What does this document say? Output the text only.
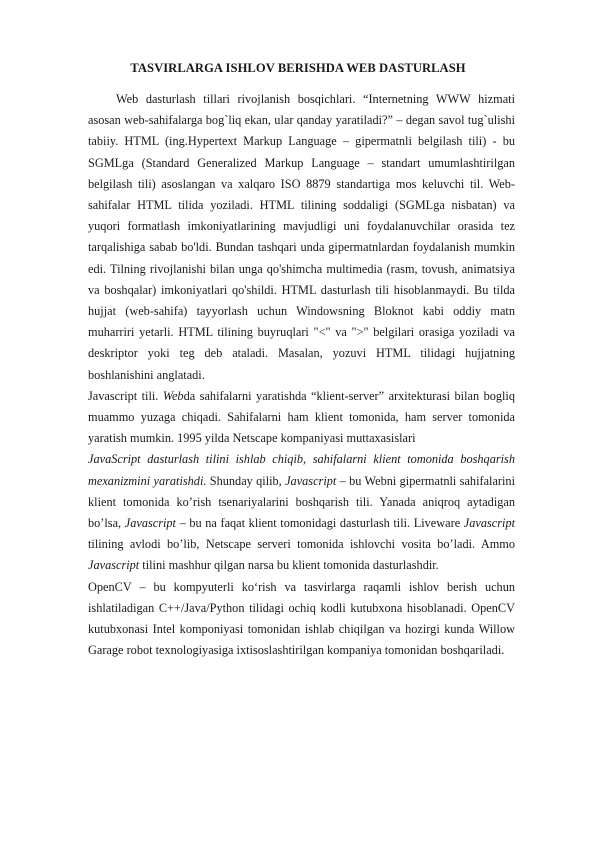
TASVIRLARGA ISHLOV BERISHDA WEB DASTURLASH

Web dasturlash tillari rivojlanish bosqichlari. “Internetning WWW hizmati asosan web-sahifalarga bog`liq ekan, ular qanday yaratiladi?” – degan savol tug`ulishi tabiiy. HTML (ing.Hypertext Markup Language – gipermatnli belgilash tili) - bu SGMLga (Standard Generalized Markup Language – standart umumlashtirilgan belgilash tili) asoslangan va xalqaro ISO 8879 standartiga mos keluvchi til. Web-sahifalar HTML tilida yoziladi. HTML tilining soddaligi (SGMLga nisbatan) va yuqori formatlash imkoniyatlarining mavjudligi uni foydalanuvchilar orasida tez tarqalishiga sabab bo'ldi. Bundan tashqari unda gipermatnlardan foydalanish mumkin edi. Tilning rivojlanishi bilan unga qo'shimcha multimedia (rasm, tovush, animatsiya va boshqalar) imkoniyatlari qo'shildi. HTML dasturlash tili hisoblanmaydi. Bu tilda hujjat (web-sahifa) tayyorlash uchun Windowsning Bloknot kabi oddiy matn muharriri yetarli. HTML tilining buyruqlari "<" va ">" belgilari orasiga yoziladi va deskriptor yoki teg deb ataladi. Masalan, yozuvi HTML tilidagi hujjatning boshlanishini anglatadi.

Javascript tili. Webda sahifalarni yaratishda “klient-server” arxitekturasi bilan bogliq muammo yuzaga chiqadi. Sahifalarni ham klient tomonida, ham server tomonida yaratish mumkin. 1995 yilda Netscape kompaniyasi muttaxasislari

JavaScript dasturlash tilini ishlab chiqib, sahifalarni klient tomonida boshqarish mexanizmini yaratishdi. Shunday qilib, Javascript – bu Webni gipermatnli sahifalarini klient tomonida ko’rish tsenariyalarini boshqarish tili. Yanada aniqroq aytadigan bo’lsa, Javascript – bu na faqat klient tomonidagi dasturlash tili. Liveware Javascript tilining avlodi bo’lib, Netscape serveri tomonida ishlovchi vosita bo’ladi. Ammo Javascript tilini mashhur qilgan narsa bu klient tomonida dasturlashdir.

OpenCV – bu kompyuterli ko‘rish va tasvirlarga raqamli ishlov berish uchun ishlatiladigan C++/Java/Python tilidagi ochiq kodli kutubxona hisoblanadi. OpenCV kutubxonasi Intel komponiyasi tomonidan ishlab chiqilgan va hozirgi kunda Willow Garage robot texnologiyasiga ixtisoslashtirilgan kompaniya tomonidan boshqariladi.
